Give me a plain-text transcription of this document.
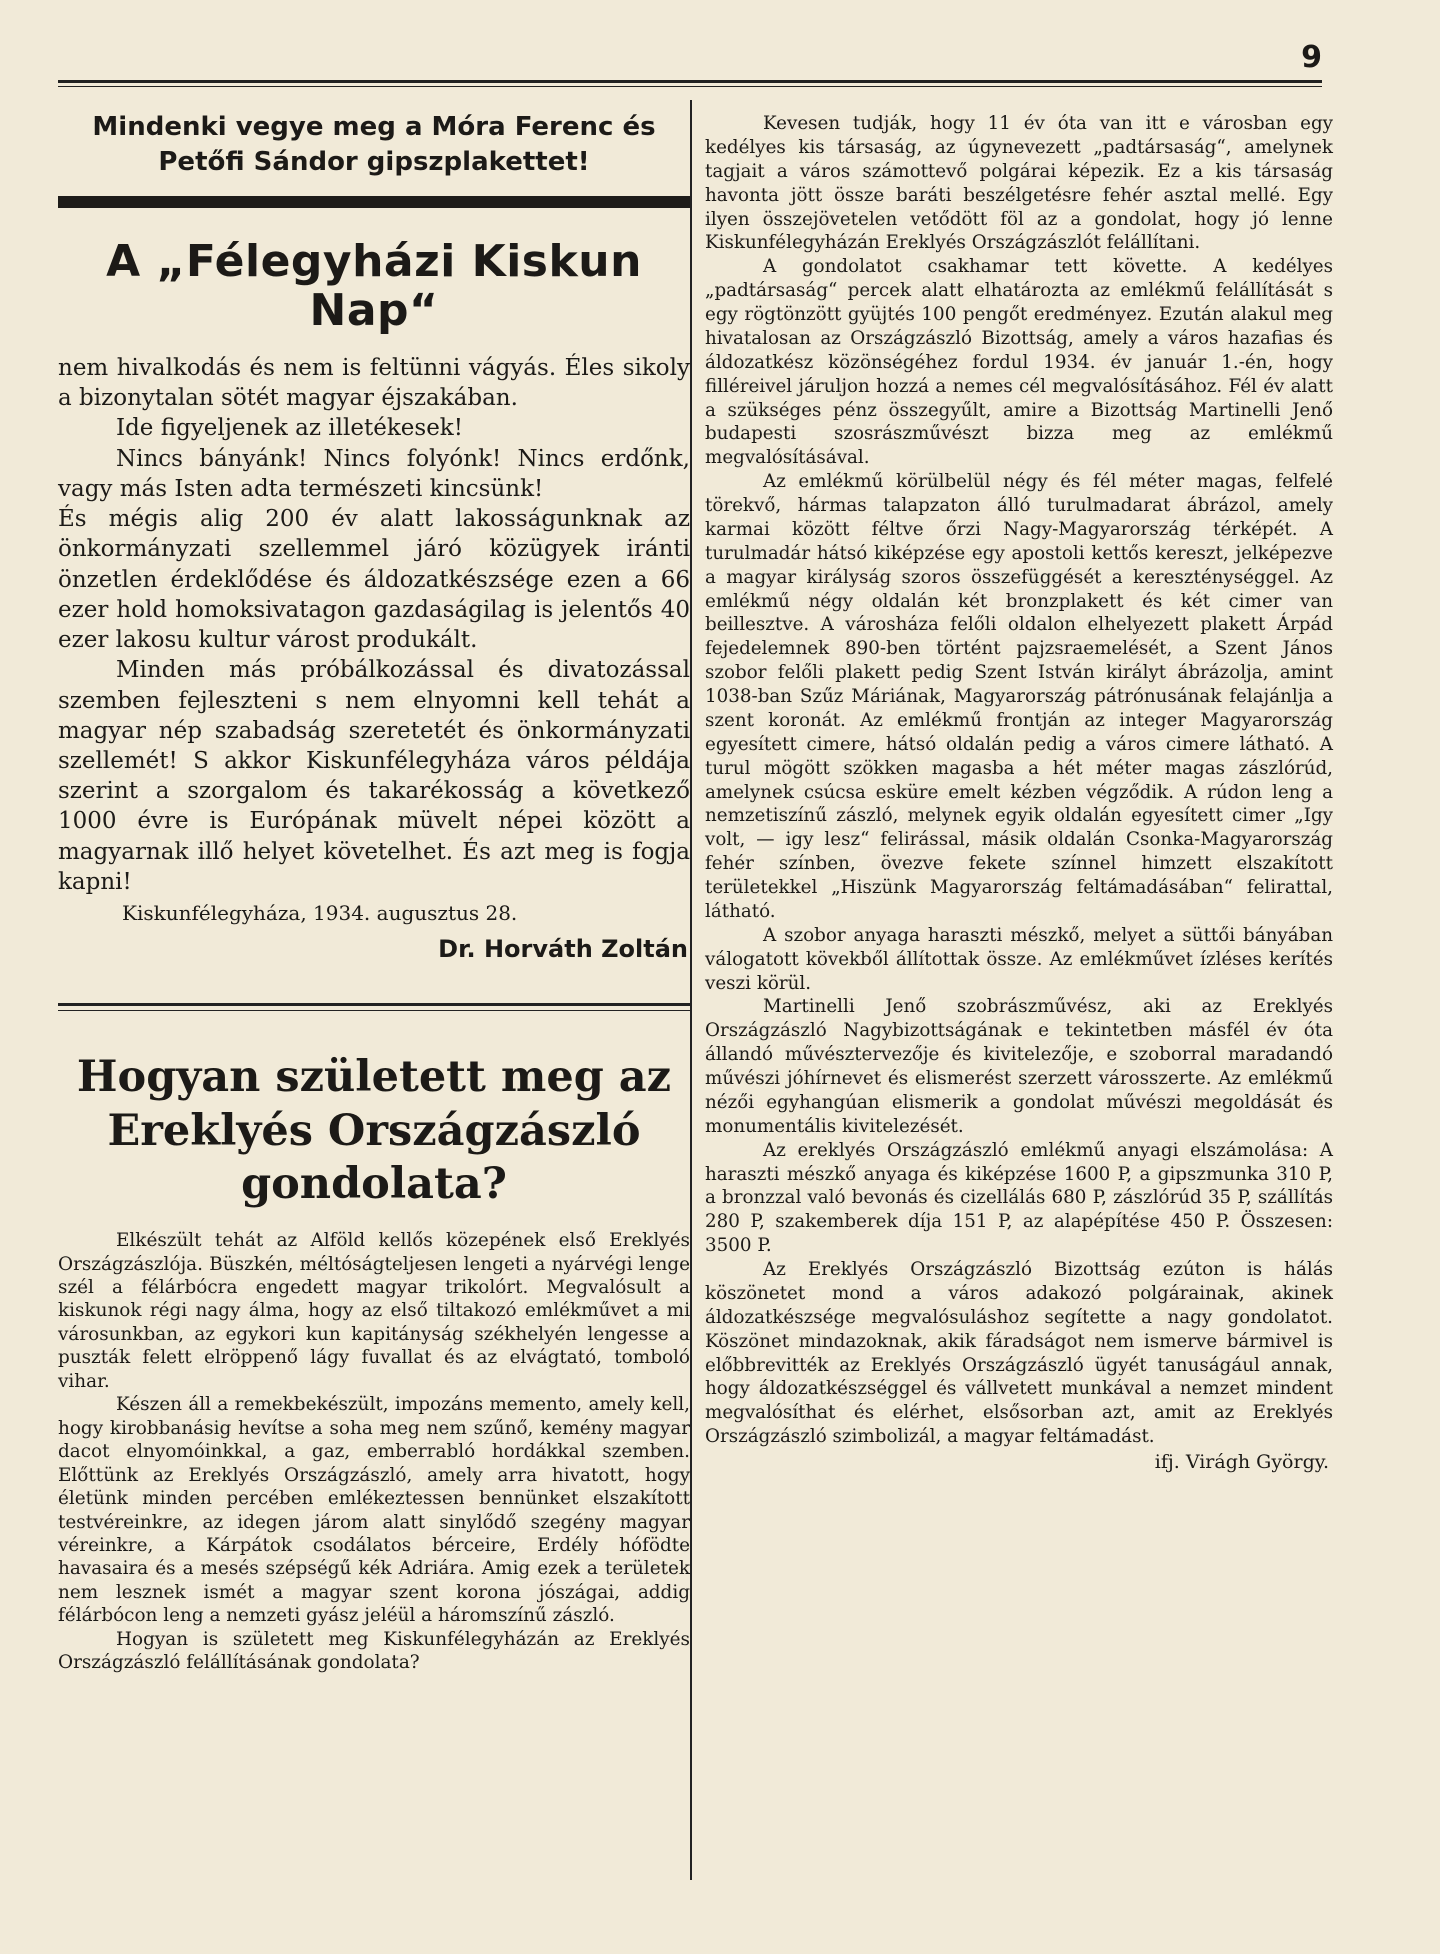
9

Mindenki vegye meg a Móra Ferenc és

Petőfi Sándor gipszplakettet!

A „Félegyházi Kiskun Nap“

nem hivalkodás és nem is feltünni vágyás. Éles sikoly a bizonytalan sötét magyar éjszakában.

Ide figyeljenek az illetékesek!

Nincs bányánk! Nincs folyónk! Nincs erdőnk, vagy más Isten adta természeti kincsünk!

És mégis alig 200 év alatt lakosságunknak az önkormányzati szellemmel járó közügyek iránti önzetlen érdeklődése és áldozatkészsége ezen a 66 ezer hold homoksivatagon gazdaságilag is jelentős 40 ezer lakosu kultur várost produkált.

Minden más próbálkozással és divatozással szemben fejleszteni s nem elnyomni kell tehát a magyar nép szabadság szeretetét és önkormányzati szellemét! S akkor Kiskunfélegyháza város példája szerint a szorgalom és takarékosság a következő 1000 évre is Európának müvelt népei között a magyarnak illő helyet követelhet. És azt meg is fogja kapni!

Kiskunfélegyháza, 1934. augusztus 28.
Dr. Horváth Zoltán
Hogyan született meg az
Ereklyés Országzászló
gondolata?

Elkészült tehát az Alföld kellős közepének első Ereklyés Országzászlója. Büszkén, méltóságteljesen lengeti a nyárvégi lenge szél a félárbócra engedett magyar trikolórt. Megvalósult a kiskunok régi nagy álma, hogy az első tiltakozó emlékművet a mi városunkban, az egykori kun kapitányság székhelyén lengesse a puszták felett elröppenő lágy fuvallat és az elvágtató, tomboló vihar.

Készen áll a remekbekészült, impozáns memento, amely kell, hogy kirobbanásig hevítse a soha meg nem szűnő, kemény magyar dacot elnyomóinkkal, a gaz, emberrabló hordákkal szemben. Előttünk az Ereklyés Országzászló, amely arra hivatott, hogy életünk minden percében emlékeztessen bennünket elszakított testvéreinkre, az idegen járom alatt sinylődő szegény magyar véreinkre, a Kárpátok csodálatos bérceire, Erdély hófödte havasaira és a mesés szépségű kék Adriára. Amig ezek a területek nem lesznek ismét a magyar szent korona jószágai, addig félárbócon leng a nemzeti gyász jeléül a háromszínű zászló.

Hogyan is született meg Kiskunfélegyházán az Ereklyés Országzászló felállításának gondolata?

Kevesen tudják, hogy 11 év óta van itt e városban egy kedélyes kis társaság, az úgynevezett „padtársaság“, amelynek tagjait a város számottevő polgárai képezik. Ez a kis társaság havonta jött össze baráti beszélgetésre fehér asztal mellé. Egy ilyen összejövetelen vetődött föl az a gondolat, hogy jó lenne Kiskunfélegyházán Ereklyés Országzászlót felállítani.

A gondolatot csakhamar tett követte. A kedélyes „padtársaság“ percek alatt elhatározta az emlékmű felállítását s egy rögtönzött gyüjtés 100 pengőt eredményez. Ezután alakul meg hivatalosan az Országzászló Bizottság, amely a város hazafias és áldozatkész közönségéhez fordul 1934. év január 1.-én, hogy filléreivel járuljon hozzá a nemes cél megvalósításához. Fél év alatt a szükséges pénz összegyűlt, amire a Bizottság Martinelli Jenő budapesti szosrászművészt bizza meg az emlékmű megvalósításával.

Az emlékmű körülbelül négy és fél méter magas, felfelé törekvő, hármas talapzaton álló turulmadarat ábrázol, amely karmai között féltve őrzi Nagy-Magyarország térképét. A turulmadár hátsó kiképzése egy apostoli kettős kereszt, jelképezve a magyar királyság szoros összefüggését a kereszténységgel. Az emlékmű négy oldalán két bronzplakett és két cimer van beillesztve. A városháza felőli oldalon elhelyezett plakett Árpád fejedelemnek 890-ben történt pajzsraemelését, a Szent János szobor felőli plakett pedig Szent István királyt ábrázolja, amint 1038-ban Szűz Máriának, Magyarország pátrónusának felajánlja a szent koronát. Az emlékmű frontján az integer Magyarország egyesített cimere, hátsó oldalán pedig a város cimere látható. A turul mögött szökken magasba a hét méter magas zászlórúd, amelynek csúcsa esküre emelt kézben végződik. A rúdon leng a nemzetiszínű zászló, melynek egyik oldalán egyesített cimer „Igy volt, — igy lesz“ felirással, másik oldalán Csonka-Magyarország fehér színben, övezve fekete színnel himzett elszakított területekkel „Hiszünk Magyarország feltámadásában“ felirattal, látható.

A szobor anyaga haraszti mészkő, melyet a süttői bányában válogatott kövekből állítottak össze. Az emlékművet ízléses kerítés veszi körül.

Martinelli Jenő szobrászművész, aki az Ereklyés Országzászló Nagybizottságának e tekintetben másfél év óta állandó művésztervezője és kivitelezője, e szoborral maradandó művészi jóhírnevet és elismerést szerzett városszerte. Az emlékmű nézői egyhangúan elismerik a gondolat művészi megoldását és monumentális kivitelezését.

Az ereklyés Országzászló emlékmű anyagi elszámolása: A haraszti mészkő anyaga és kiképzése 1600 P, a gipszmunka 310 P, a bronzzal való bevonás és cizellálás 680 P, zászlórúd 35 P, szállítás 280 P, szakemberek díja 151 P, az alapépítése 450 P. Összesen: 3500 P.

Az Ereklyés Országzászló Bizottság ezúton is hálás köszönetet mond a város adakozó polgárainak, akinek áldozatkészsége megvalósuláshoz segítette a nagy gondolatot. Köszönet mindazoknak, akik fáradságot nem ismerve bármivel is előbbrevitték az Ereklyés Országzászló ügyét tanuságául annak, hogy áldozatkészséggel és vállvetett munkával a nemzet mindent megvalósíthat és elérhet, elsősorban azt, amit az Ereklyés Országzászló szimbolizál, a magyar feltámadást.

ifj. Virágh György.
